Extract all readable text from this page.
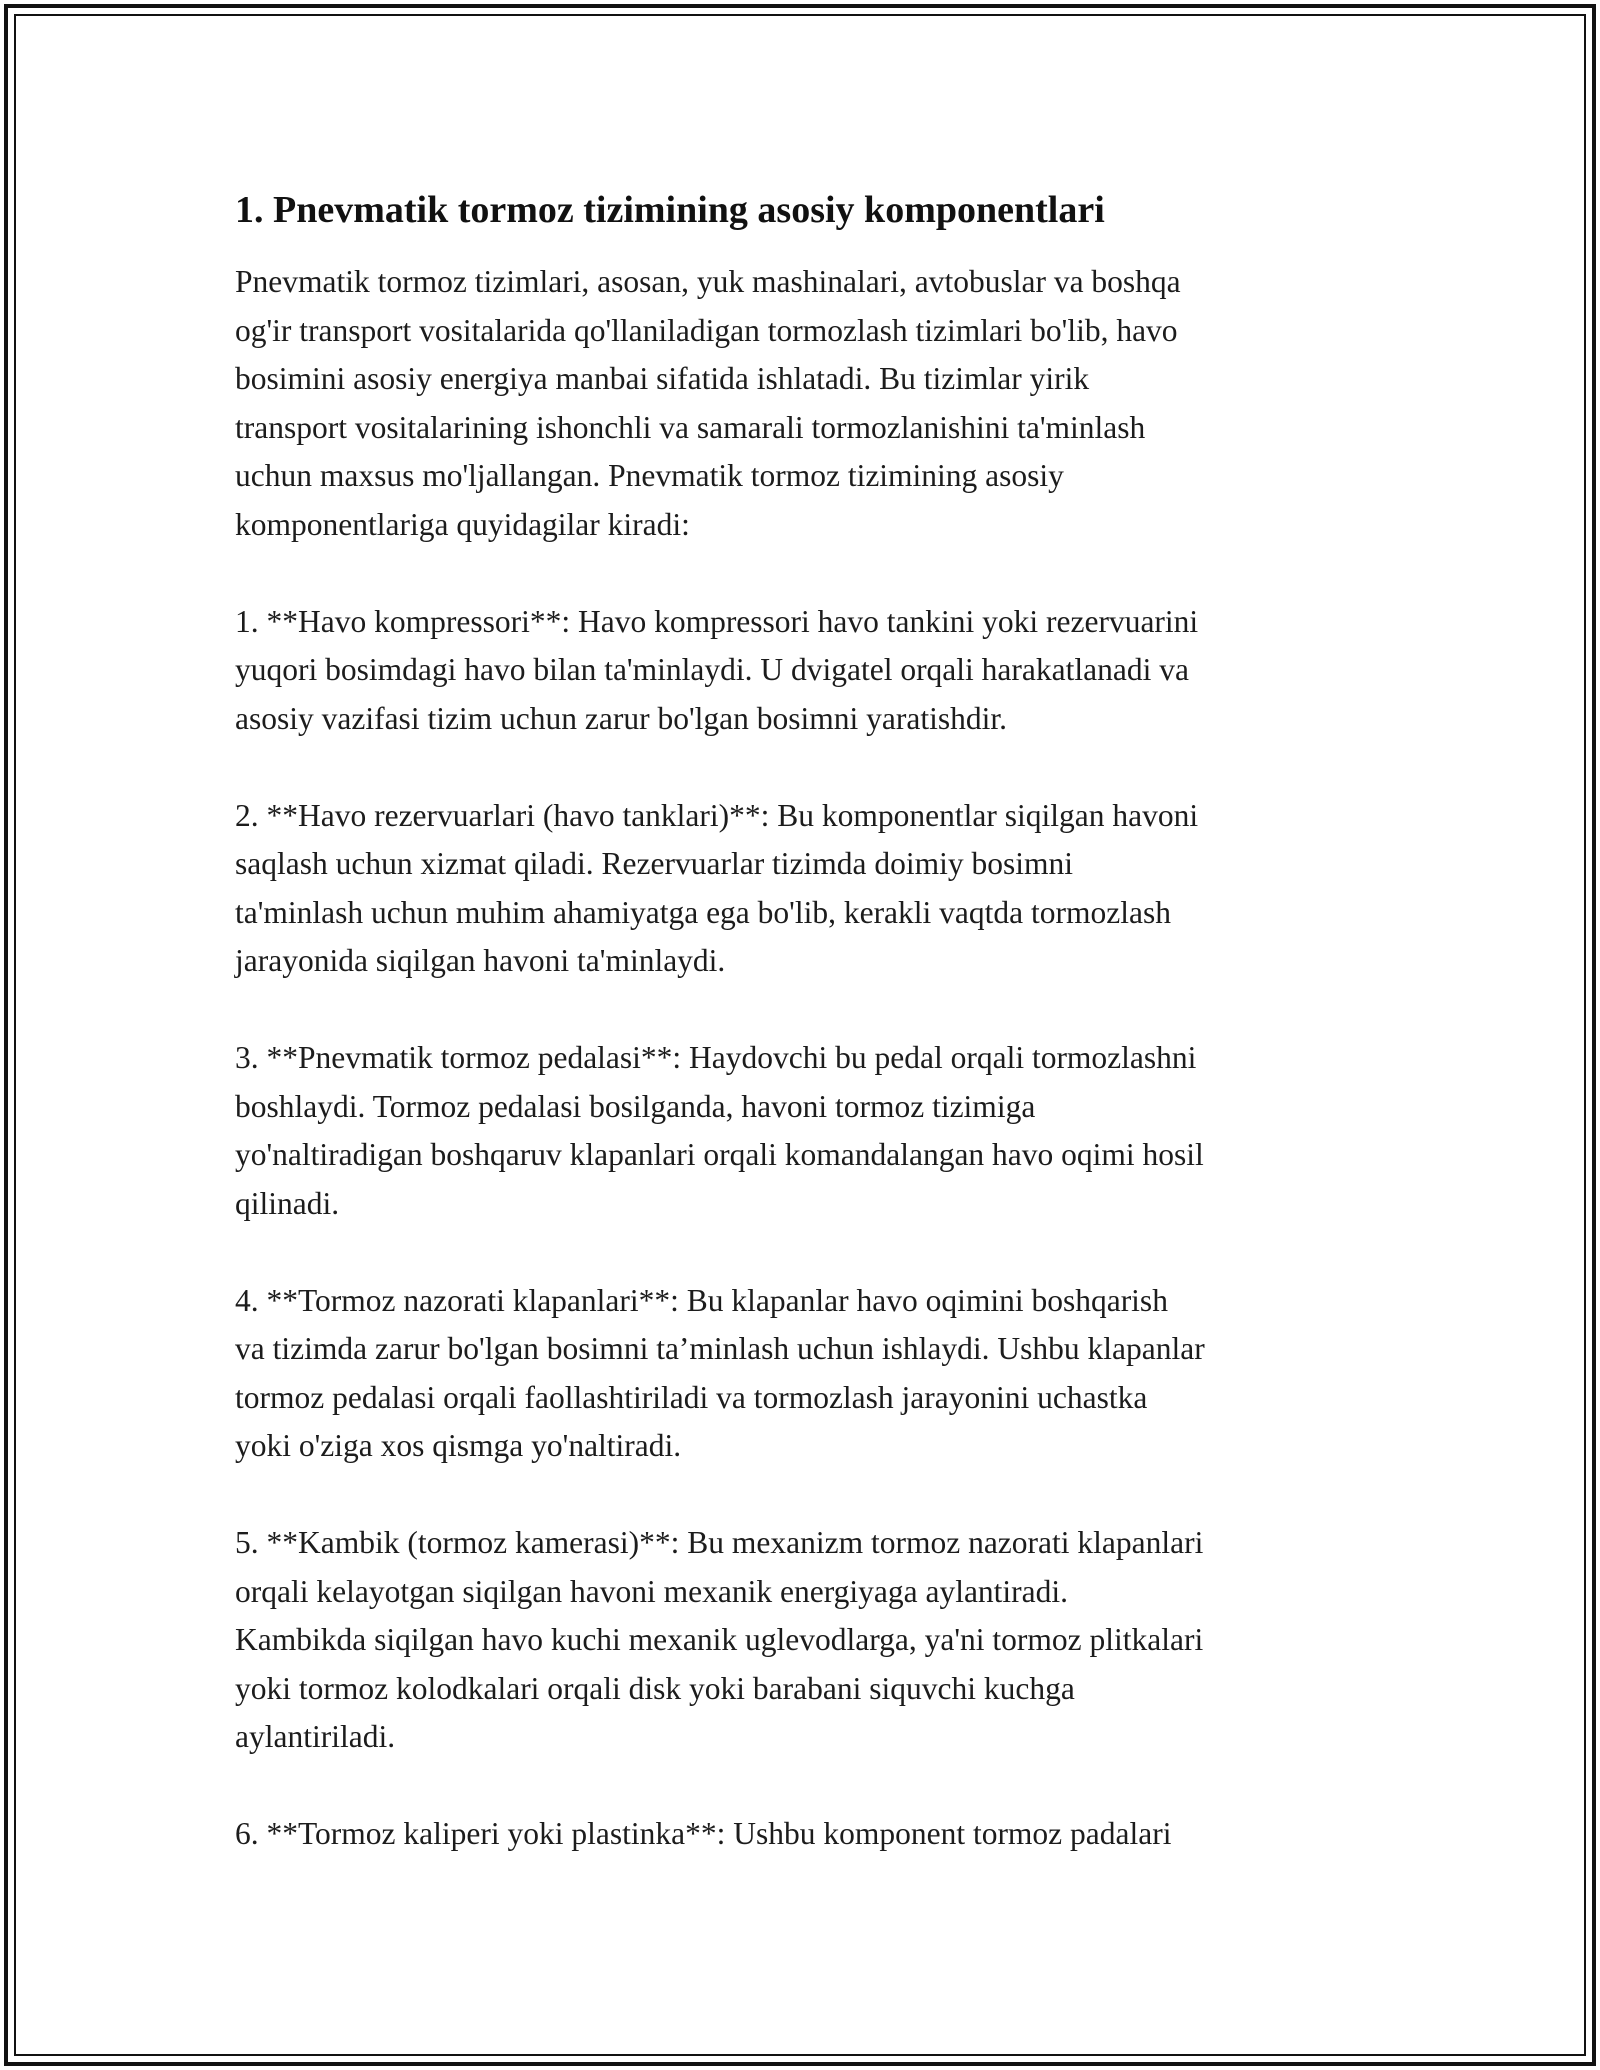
1. Pnevmatik tormoz tizimining asosiy komponentlari
Pnevmatik tormoz tizimlari, asosan, yuk mashinalari, avtobuslar va boshqa
og'ir transport vositalarida qo'llaniladigan tormozlash tizimlari bo'lib, havo
bosimini asosiy energiya manbai sifatida ishlatadi. Bu tizimlar yirik
transport vositalarining ishonchli va samarali tormozlanishini ta'minlash
uchun maxsus mo'ljallangan. Pnevmatik tormoz tizimining asosiy
komponentlariga quyidagilar kiradi:
1. **Havo kompressori**: Havo kompressori havo tankini yoki rezervuarini
yuqori bosimdagi havo bilan ta'minlaydi. U dvigatel orqali harakatlanadi va
asosiy vazifasi tizim uchun zarur bo'lgan bosimni yaratishdir.
2. **Havo rezervuarlari (havo tanklari)**: Bu komponentlar siqilgan havoni
saqlash uchun xizmat qiladi. Rezervuarlar tizimda doimiy bosimni
ta'minlash uchun muhim ahamiyatga ega bo'lib, kerakli vaqtda tormozlash
jarayonida siqilgan havoni ta'minlaydi.
3. **Pnevmatik tormoz pedalasi**: Haydovchi bu pedal orqali tormozlashni
boshlaydi. Tormoz pedalasi bosilganda, havoni tormoz tizimiga
yo'naltiradigan boshqaruv klapanlari orqali komandalangan havo oqimi hosil
qilinadi.
4. **Tormoz nazorati klapanlari**: Bu klapanlar havo oqimini boshqarish
va tizimda zarur bo'lgan bosimni ta’minlash uchun ishlaydi. Ushbu klapanlar
tormoz pedalasi orqali faollashtiriladi va tormozlash jarayonini uchastka
yoki o'ziga xos qismga yo'naltiradi.
5. **Kambik (tormoz kamerasi)**: Bu mexanizm tormoz nazorati klapanlari
orqali kelayotgan siqilgan havoni mexanik energiyaga aylantiradi.
Kambikda siqilgan havo kuchi mexanik uglevodlarga, ya'ni tormoz plitkalari
yoki tormoz kolodkalari orqali disk yoki barabani siquvchi kuchga
aylantiriladi.
6. **Tormoz kaliperi yoki plastinka**: Ushbu komponent tormoz padalari
